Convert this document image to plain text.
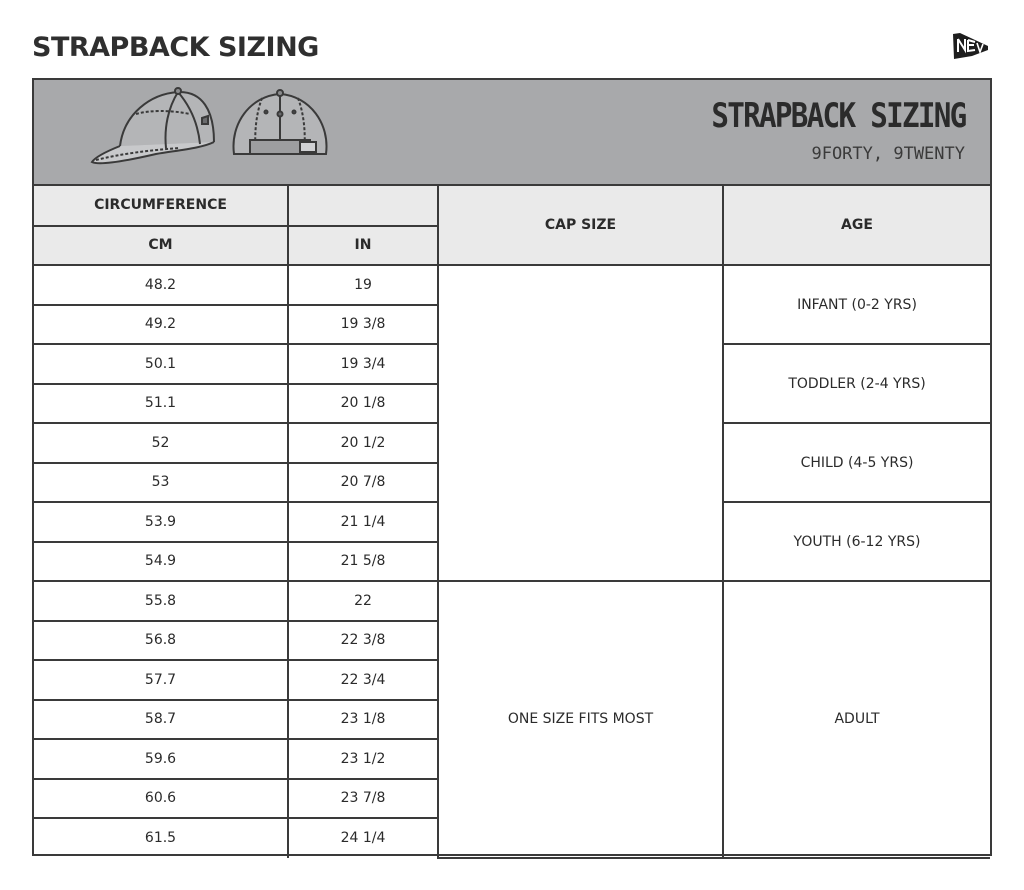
STRAPBACK SIZING
STRAPBACK SIZING
9FORTY, 9TWENTY
CIRCUMFERENCE		CAP SIZE	AGE
CM	IN		
48.2	19		INFANT (0-2 YRS)
49.2	19 3/8		
50.1	19 3/4		TODDLER (2-4 YRS)
51.1	20 1/8		
52	20 1/2		CHILD (4-5 YRS)
53	20 7/8		
53.9	21 1/4		YOUTH (6-12 YRS)
54.9	21 5/8		
55.8	22	ONE SIZE FITS MOST	ADULT
56.8	22 3/8		
57.7	22 3/4		
58.7	23 1/8		
59.6	23 1/2		
60.6	23 7/8		
61.5	24 1/4		
